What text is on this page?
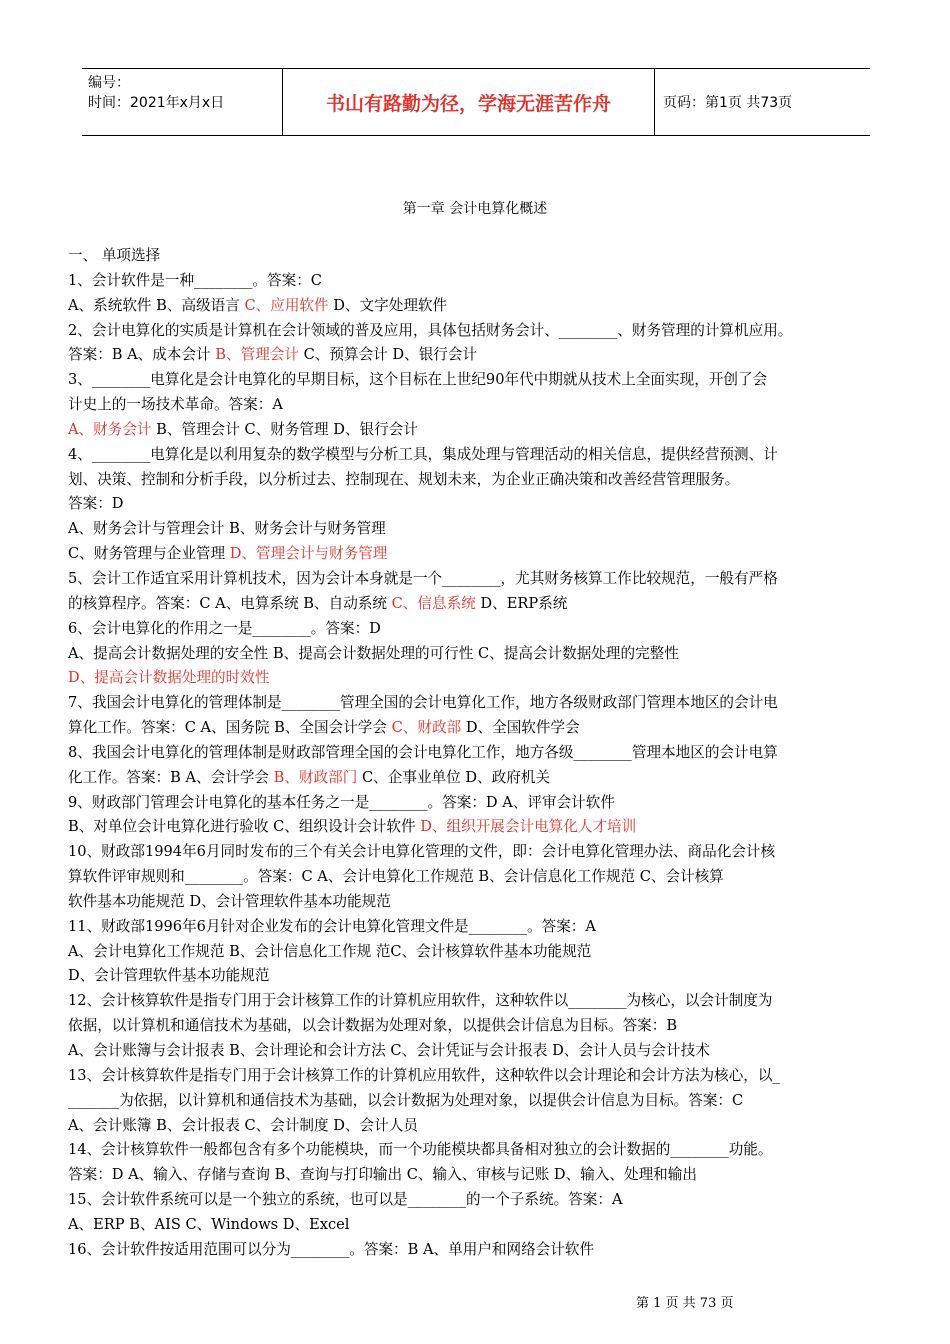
编号：
时间：2021年x月x日	书山有路勤为径，学海无涯苦作舟	页码：第1页 共73页
第一章 会计电算化概述
一、 单项选择
1、会计软件是一种________。答案：C
A、系统软件 B、高级语言 C、应用软件 D、文字处理软件
2、会计电算化的实质是计算机在会计领域的普及应用，具体包括财务会计、________、财务管理的计算机应用。
答案：B A、成本会计 B、管理会计 C、预算会计 D、银行会计
3、________电算化是会计电算化的早期目标，这个目标在上世纪90年代中期就从技术上全面实现，开创了会
计史上的一场技术革命。答案：A
A、财务会计 B、管理会计 C、财务管理 D、银行会计
4、________电算化是以利用复杂的数学模型与分析工具，集成处理与管理活动的相关信息，提供经营预测、计
划、决策、控制和分析手段，以分析过去、控制现在、规划未来，为企业正确决策和改善经营管理服务。
答案：D
A、财务会计与管理会计 B、财务会计与财务管理
C、财务管理与企业管理 D、管理会计与财务管理
5、会计工作适宜采用计算机技术，因为会计本身就是一个________，尤其财务核算工作比较规范，一般有严格
的核算程序。答案：C A、电算系统 B、自动系统 C、信息系统 D、ERP系统
6、会计电算化的作用之一是________。答案：D
A、提高会计数据处理的安全性 B、提高会计数据处理的可行性 C、提高会计数据处理的完整性
D、提高会计数据处理的时效性
7、我国会计电算化的管理体制是________管理全国的会计电算化工作，地方各级财政部门管理本地区的会计电
算化工作。答案：C A、国务院 B、全国会计学会 C、财政部 D、全国软件学会
8、我国会计电算化的管理体制是财政部管理全国的会计电算化工作，地方各级________管理本地区的会计电算
化工作。答案：B A、会计学会 B、财政部门 C、企事业单位 D、政府机关
9、财政部门管理会计电算化的基本任务之一是________。答案：D A、评审会计软件
B、对单位会计电算化进行验收 C、组织设计会计软件 D、组织开展会计电算化人才培训
10、财政部1994年6月同时发布的三个有关会计电算化管理的文件，即：会计电算化管理办法、商品化会计核
算软件评审规则和________。答案：C A、会计电算化工作规范 B、会计信息化工作规范 C、会计核算
软件基本功能规范 D、会计管理软件基本功能规范
11、财政部1996年6月针对企业发布的会计电算化管理文件是________。答案：A
A、会计电算化工作规范 B、会计信息化工作规 范C、会计核算软件基本功能规范
D、会计管理软件基本功能规范
12、会计核算软件是指专门用于会计核算工作的计算机应用软件，这种软件以________为核心，以会计制度为
依据，以计算机和通信技术为基础，以会计数据为处理对象，以提供会计信息为目标。答案：B
A、会计账簿与会计报表 B、会计理论和会计方法 C、会计凭证与会计报表 D、会计人员与会计技术
13、会计核算软件是指专门用于会计核算工作的计算机应用软件，这种软件以会计理论和会计方法为核心，以_
_______为依据，以计算机和通信技术为基础，以会计数据为处理对象，以提供会计信息为目标。答案：C
A、会计账簿 B、会计报表 C、会计制度 D、会计人员
14、会计核算软件一般都包含有多个功能模块，而一个功能模块都具备相对独立的会计数据的________功能。
答案：D A、输入、存储与查询 B、查询与打印输出 C、输入、审核与记账 D、输入、处理和输出
15、会计软件系统可以是一个独立的系统，也可以是________的一个子系统。答案：A
A、ERP B、AIS C、Windows D、Excel
16、会计软件按适用范围可以分为________。答案：B A、单用户和网络会计软件
第 1 页 共 73 页
